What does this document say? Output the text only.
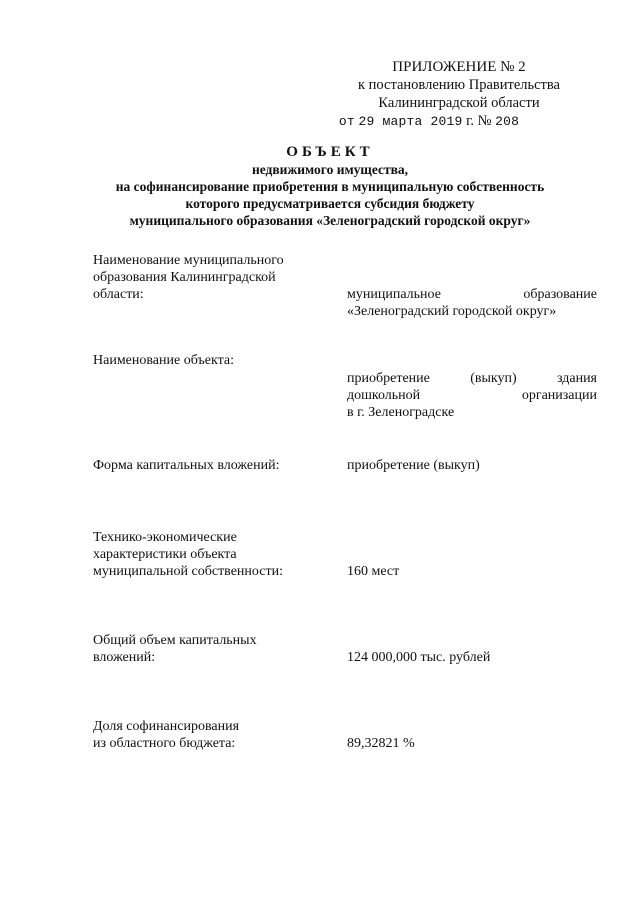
ПРИЛОЖЕНИЕ № 2
к постановлению Правительства
Калининградской области
от 29 марта 2019 г. № 208
ОБЪЕКТ
недвижимого имущества,
на софинансирование приобретения в муниципальную собственность
которого предусматривается субсидия бюджету
муниципального образования «Зеленоградский городской округ»
Наименование муниципального
образования Калининградской
области:	муниципальное образование
«Зеленоградский городской округ»
Наименование объекта:
приобретение (выкуп) здания
дошкольной организации
в г. Зеленоградске
Форма капитальных вложений:	приобретение (выкуп)
Технико-экономические
характеристики объекта
муниципальной собственности:	160 мест
Общий объем капитальных
вложений:	124 000,000 тыс. рублей
Доля софинансирования
из областного бюджета:	89,32821 %
